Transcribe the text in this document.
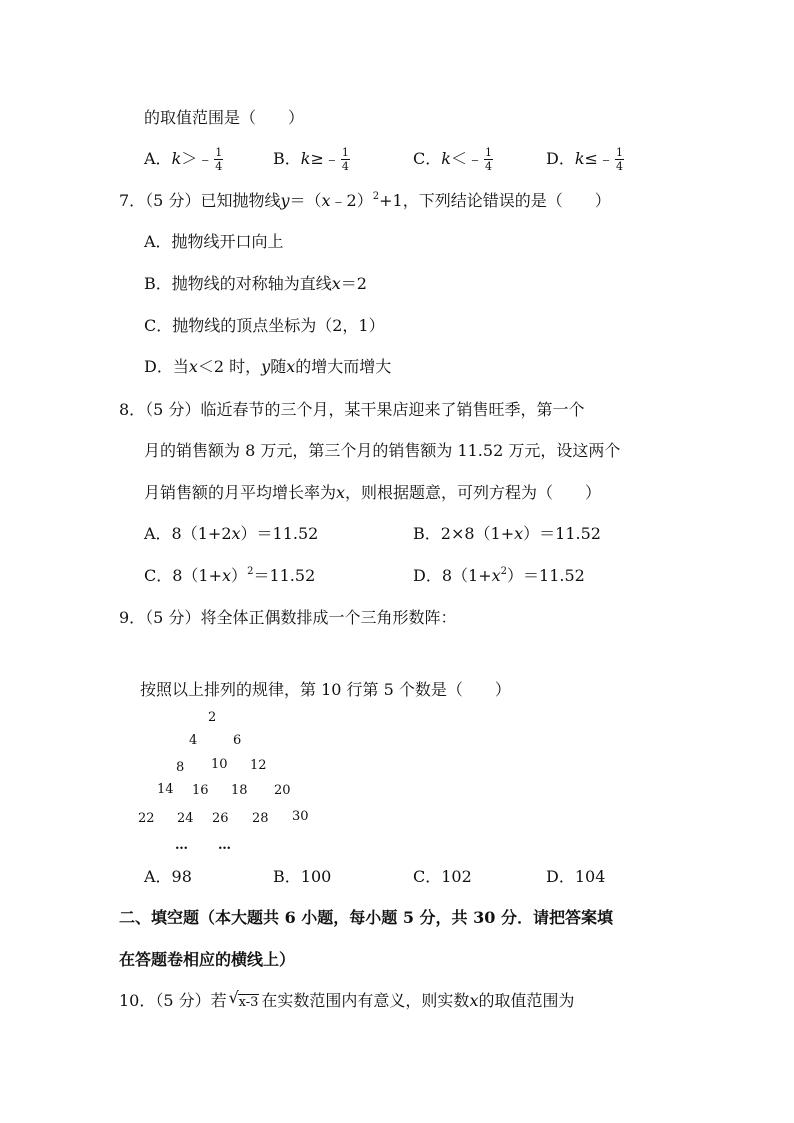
的取值范围是（　　）
A．k＞﹣ $\frac{1}{4}$	B．k≥﹣ $\frac{1}{4}$	C．k＜﹣ $\frac{1}{4}$	D．k≤﹣ $\frac{1}{4}$
7．（5 分）已知抛物线y＝（x﹣2）$^2$+1，下列结论错误的是（　　）
A．抛物线开口向上
B．抛物线的对称轴为直线x＝2
C．抛物线的顶点坐标为（2，1）
D．当x＜2 时，y随x的增大而增大
8．（5 分）临近春节的三个月，某干果店迎来了销售旺季，第一个
月的销售额为 8 万元，第三个月的销售额为 11.52 万元，设这两个
月销售额的月平均增长率为x，则根据题意，可列方程为（　　）
A．8（1+2x）＝11.52	B．2×8（1+x）＝11.52
C．$8(1+x)^2=11.52$	D．$8(1+x^2)=11.52$
9．（5 分）将全体正偶数排成一个三角形数阵：
按照以上排列的规律，第 10 行第 5 个数是（　　）
2
4	6
8 10 12
14 16 18 20
22 24 26 28 30
… …
A．98	B．100	C．102	D．104
二、填空题（本大题共 6 小题，每小题 5 分，共 30 分．请把答案填
在答题卷相应的横线上）
10．（5 分）若 √ x-3 在实数范围内有意义，则实数x的取值范围为
